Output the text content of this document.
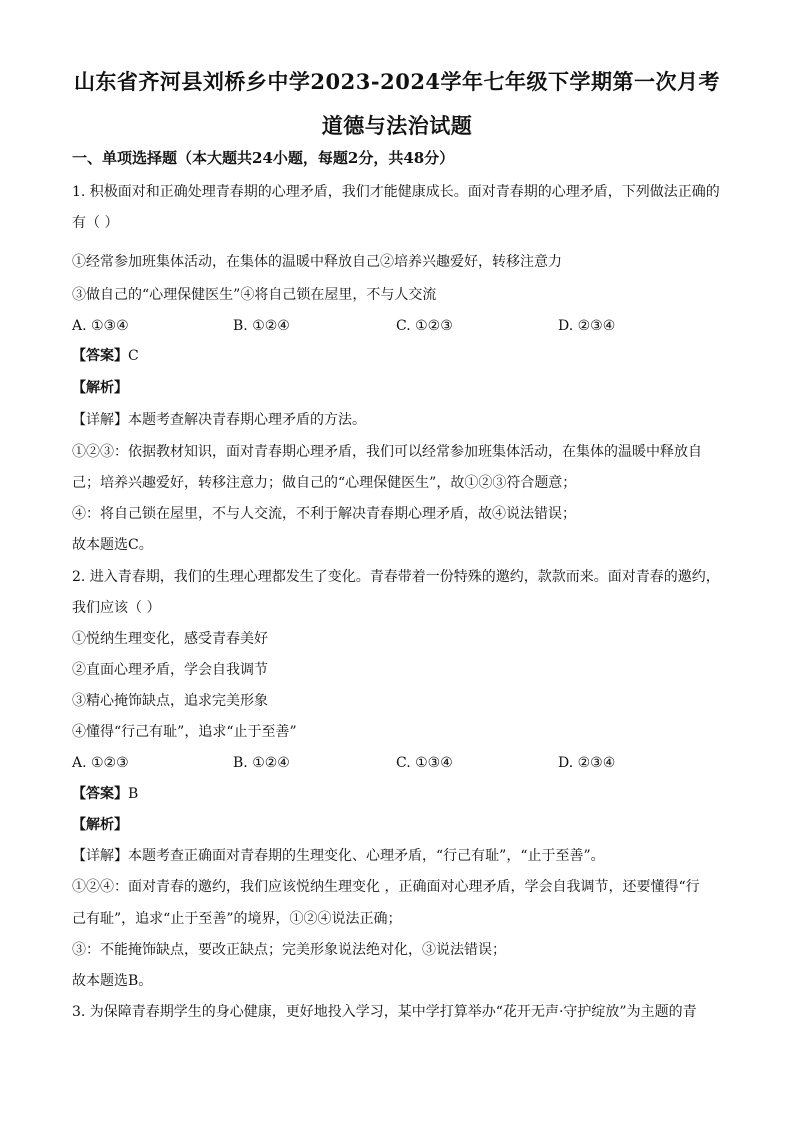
山东省齐河县刘桥乡中学2023-2024学年七年级下学期第一次月考
道德与法治试题
一、单项选择题（本大题共24小题，每题2分，共48分）
1. 积极面对和正确处理青春期的心理矛盾，我们才能健康成长。面对青春期的心理矛盾，下列做法正确的
有（ ）
①经常参加班集体活动，在集体的温暖中释放自己②培养兴趣爱好，转移注意力
③做自己的“心理保健医生”④将自己锁在屋里，不与人交流
A. ①③④	B. ①②④	C. ①②③	D. ②③④
【答案】C
【解析】
【详解】本题考查解决青春期心理矛盾的方法。
①②③：依据教材知识，面对青春期心理矛盾，我们可以经常参加班集体活动，在集体的温暖中释放自
己；培养兴趣爱好，转移注意力；做自己的“心理保健医生”，故①②③符合题意；
④：将自己锁在屋里，不与人交流，不利于解决青春期心理矛盾，故④说法错误；
故本题选C。
2. 进入青春期，我们的生理心理都发生了变化。青春带着一份特殊的邀约，款款而来。面对青春的邀约，
我们应该（ ）
①悦纳生理变化，感受青春美好
②直面心理矛盾，学会自我调节
③精心掩饰缺点，追求完美形象
④懂得“行己有耻”，追求“止于至善”
A. ①②③	B. ①②④	C. ①③④	D. ②③④
【答案】B
【解析】
【详解】本题考查正确面对青春期的生理变化、心理矛盾，“行己有耻”，“止于至善”。
①②④：面对青春的邀约，我们应该悦纳生理变化 ，正确面对心理矛盾，学会自我调节，还要懂得“行
己有耻”，追求“止于至善”的境界，①②④说法正确；
③：不能掩饰缺点，要改正缺点；完美形象说法绝对化，③说法错误；
故本题选B。
3. 为保障青春期学生的身心健康，更好地投入学习，某中学打算举办“花开无声·守护绽放”为主题的青
